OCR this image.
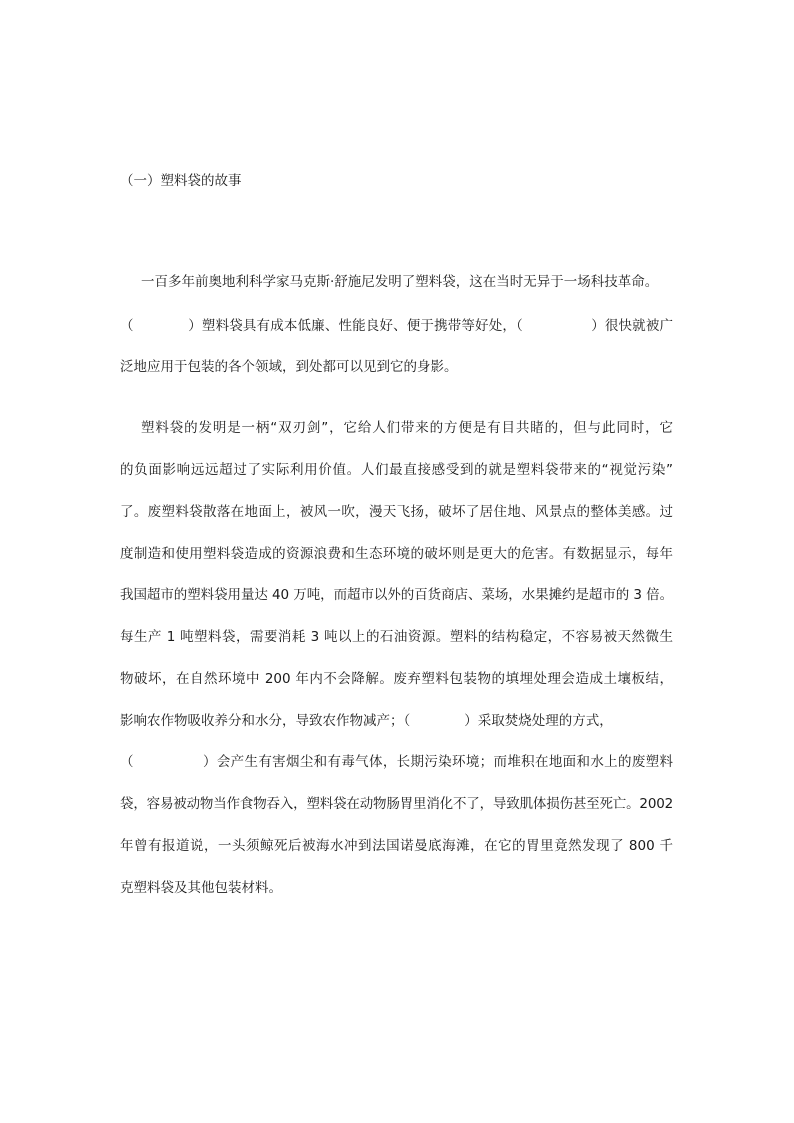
（一）塑料袋的故事
一百多年前奥地利科学家马克斯·舒施尼发明了塑料袋，这在当时无异于一场科技革命。
（　　　　）塑料袋具有成本低廉、性能良好、便于携带等好处，（　　　　　）很快就被广
泛地应用于包装的各个领域，到处都可以见到它的身影。
塑料袋的发明是一柄“双刃剑”，它给人们带来的方便是有目共睹的，但与此同时，它
的负面影响远远超过了实际利用价值。人们最直接感受到的就是塑料袋带来的“视觉污染”
了。废塑料袋散落在地面上，被风一吹，漫天飞扬，破坏了居住地、风景点的整体美感。过
度制造和使用塑料袋造成的资源浪费和生态环境的破坏则是更大的危害。有数据显示，每年
我国超市的塑料袋用量达 40 万吨，而超市以外的百货商店、菜场，水果摊约是超市的 3 倍。
每生产 1 吨塑料袋，需要消耗 3 吨以上的石油资源。塑料的结构稳定，不容易被天然微生
物破坏，在自然环境中 200 年内不会降解。废弃塑料包装物的填埋处理会造成土壤板结，
影响农作物吸收养分和水分，导致农作物减产；（　　　　）采取焚烧处理的方式，
（　　　　　）会产生有害烟尘和有毒气体，长期污染环境；而堆积在地面和水上的废塑料
袋，容易被动物当作食物吞入，塑料袋在动物肠胃里消化不了，导致肌体损伤甚至死亡。2002
年曾有报道说，一头须鲸死后被海水冲到法国诺曼底海滩，在它的胃里竟然发现了 800 千
克塑料袋及其他包装材料。
